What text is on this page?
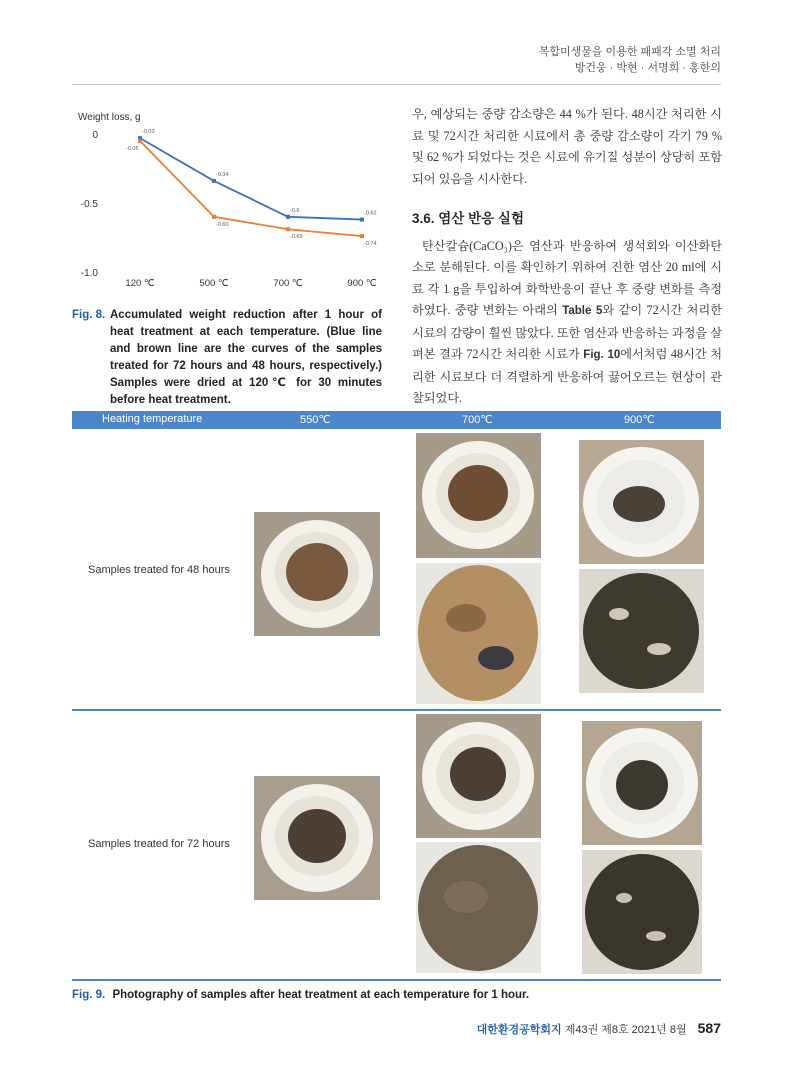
복합미생물을 이용한 패패각 소멸 처리
방건웅 · 박현 · 서명희 · 홍한의
Weight loss, g
0
-0.5
-1.0
120 ℃	500 ℃	700 ℃	900 ℃
-0.03
-0.34
-0.6	-0.62
-0.05
-0.60
-0.69
-0.74
Fig. 8. Accumulated weight reduction after 1 hour of heat treatment at each temperature. (Blue line and brown line are the curves of the samples treated for 72 hours and 48 hours, respectively.) Samples were dried at 120℃ for 30 minutes before heat treatment.

우, 예상되는 중량 감소량은 44 %가 된다. 48시간 처리한 시료 및 72시간 처리한 시료에서 총 중량 감소량이 각기 79 % 및 62 %가 되었다는 것은 시료에 유기질 성분이 상당히 포함되어 있음을 시사한다.

3.6. 염산 반응 실험

탄산칼슘(CaCO₃)은 염산과 반응하여 생석회와 이산화탄소로 분해된다. 이를 확인하기 위하여 진한 염산 20 ml에 시료 각 1 g을 투입하여 화학반응이 끝난 후 중량 변화를 측정하였다. 중량 변화는 아래의 Table 5와 같이 72시간 처리한 시료의 감량이 훨씬 많았다. 또한 염산과 반응하는 과정을 살펴본 결과 72시간 처리한 시료가 Fig. 10에서처럼 48시간 처리한 시료보다 더 격렬하게 반응하여 끓어오르는 현상이 관찰되었다.

Heating temperature	550℃	700℃	900℃
Samples treated for 48 hours
Samples treated for 72 hours
Fig. 9. Photography of samples after heat treatment at each temperature for 1 hour.
대한환경공학회지 제43권 제8호 2021년 8월 587
